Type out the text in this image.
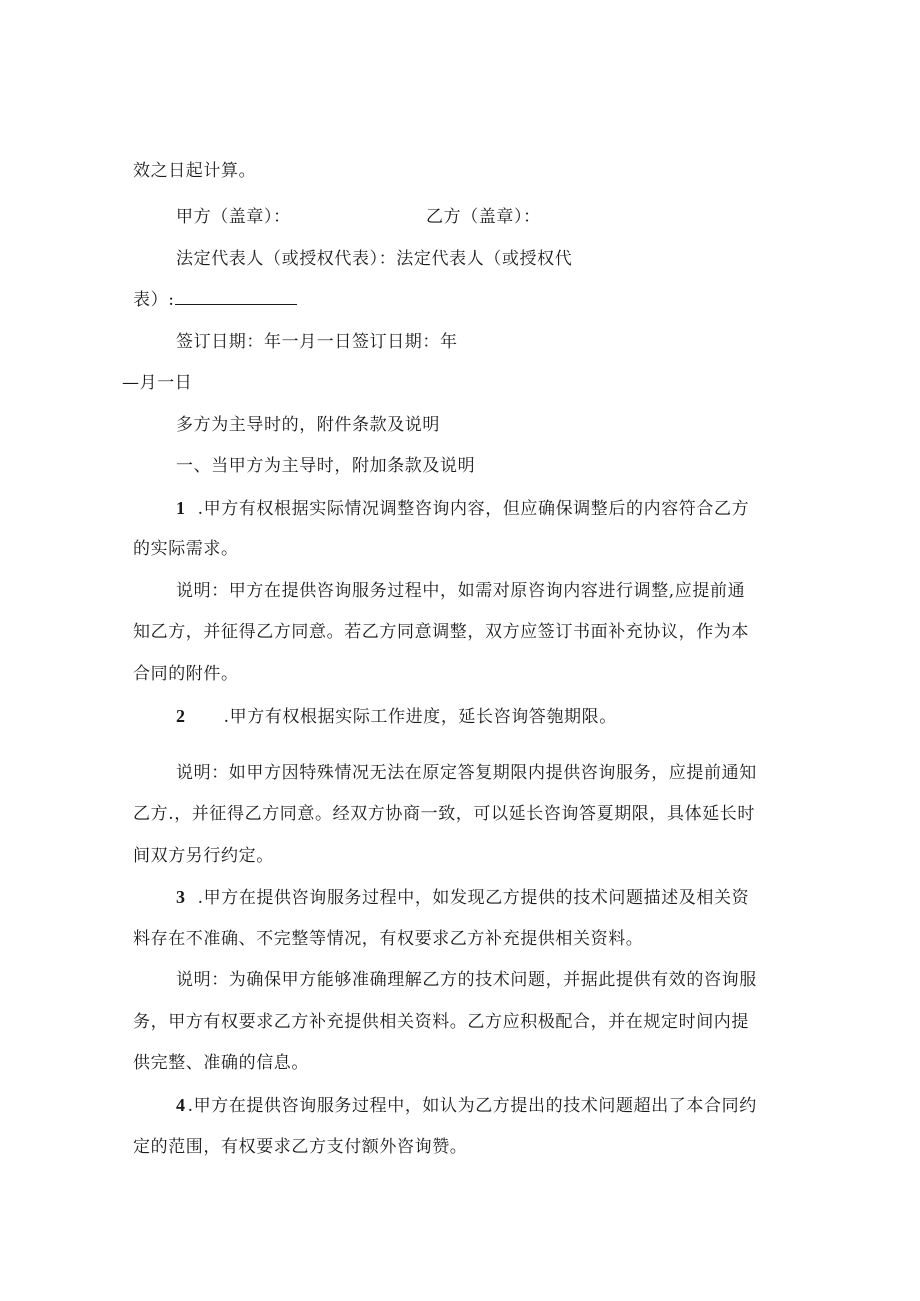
效之日起计算。
甲方（盖章）：	乙方（盖章）：
法定代表人（或授权代表）：法定代表人（或授权代
表）:
签订日期：年一月一日签订日期：年
—月一日
多方为主导时的，附件条款及说明
一、当甲方为主导时，附加条款及说明
1 .甲方有权根据实际情况调整咨询内容，但应确保调整后的内容符合乙方
的实际需求。
说明：甲方在提供咨询服务过程中，如需对原咨询内容进行调整,应提前通
知乙方，并征得乙方同意。若乙方同意调整，双方应签订书面补充协议，作为本
合同的附件。
2 .甲方有权根据实际工作进度，延长咨询答匏期限。
说明：如甲方因特殊情况无法在原定答复期限内提供咨询服务，应提前通知
乙方.，并征得乙方同意。经双方协商一致，可以延长咨询答夏期限，具体延长时
间双方另行约定。
3 .甲方在提供咨询服务过程中，如发现乙方提供的技术问题描述及相关资
料存在不准确、不完整等情况，有权要求乙方补充提供相关资料。
说明：为确保甲方能够准确理解乙方的技术问题，并据此提供有效的咨询服
务，甲方有权要求乙方补充提供相关资料。乙方应积极配合，并在规定时间内提
供完整、准确的信息。
4 .甲方在提供咨询服务过程中，如认为乙方提出的技术问题超出了本合同约
定的范围，有权要求乙方支付额外咨询赞。
